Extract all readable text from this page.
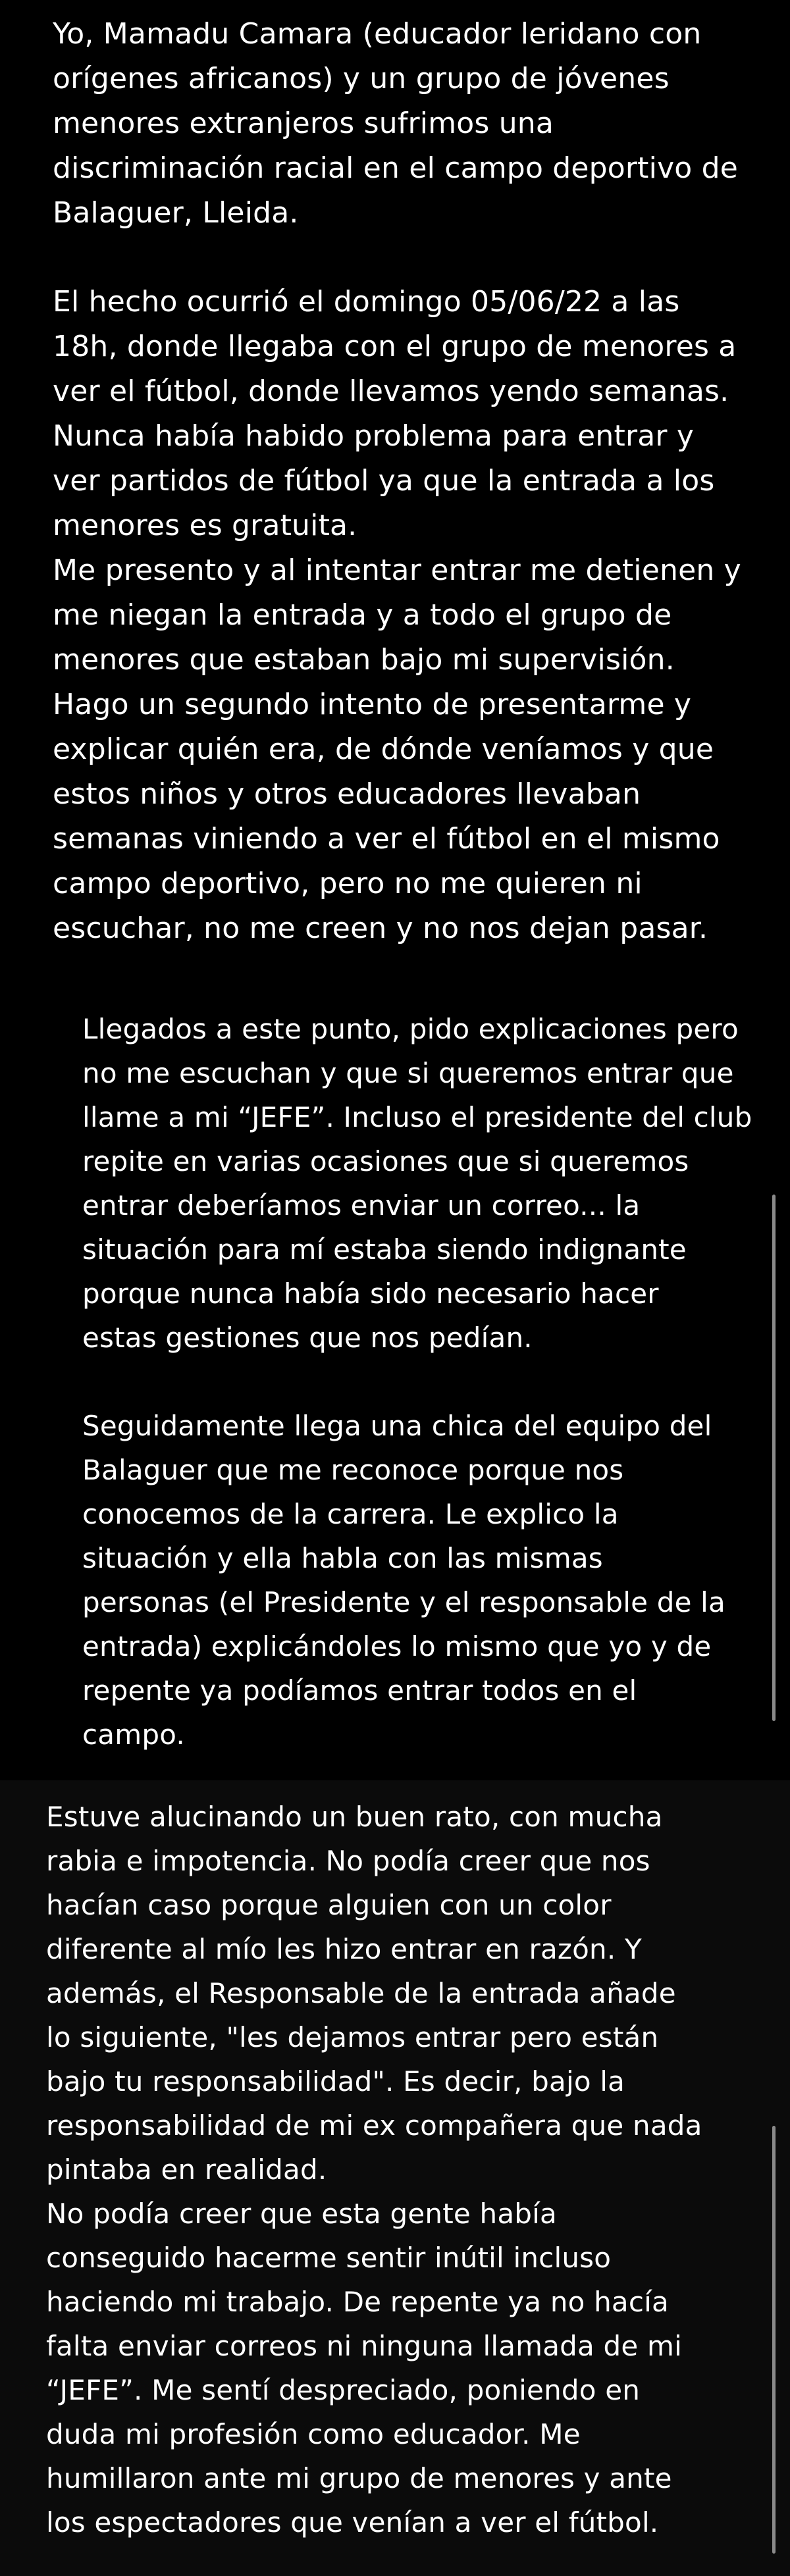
Yo, Mamadu Camara (educador leridano con
orígenes africanos) y un grupo de jóvenes
menores extranjeros sufrimos una
discriminación racial en el campo deportivo de
Balaguer, Lleida.

El hecho ocurrió el domingo 05/06/22 a las
18h, donde llegaba con el grupo de menores a
ver el fútbol, donde llevamos yendo semanas.
Nunca había habido problema para entrar y
ver partidos de fútbol ya que la entrada a los
menores es gratuita.

Me presento y al intentar entrar me detienen y
me niegan la entrada y a todo el grupo de
menores que estaban bajo mi supervisión.
Hago un segundo intento de presentarme y
explicar quién era, de dónde veníamos y que
estos niños y otros educadores llevaban
semanas viniendo a ver el fútbol en el mismo
campo deportivo, pero no me quieren ni
escuchar, no me creen y no nos dejan pasar.

Llegados a este punto, pido explicaciones pero
no me escuchan y que si queremos entrar que
llame a mi “JEFE”. Incluso el presidente del club
repite en varias ocasiones que si queremos
entrar deberíamos enviar un correo... la
situación para mí estaba siendo indignante
porque nunca había sido necesario hacer
estas gestiones que nos pedían.

Seguidamente llega una chica del equipo del
Balaguer que me reconoce porque nos
conocemos de la carrera. Le explico la
situación y ella habla con las mismas
personas (el Presidente y el responsable de la
entrada) explicándoles lo mismo que yo y de
repente ya podíamos entrar todos en el
campo.

Estuve alucinando un buen rato, con mucha
rabia e impotencia. No podía creer que nos
hacían caso porque alguien con un color
diferente al mío les hizo entrar en razón. Y
además, el Responsable de la entrada añade
lo siguiente, "les dejamos entrar pero están
bajo tu responsabilidad". Es decir, bajo la
responsabilidad de mi ex compañera que nada
pintaba en realidad.

No podía creer que esta gente había
conseguido hacerme sentir inútil incluso
haciendo mi trabajo. De repente ya no hacía
falta enviar correos ni ninguna llamada de mi
“JEFE”. Me sentí despreciado, poniendo en
duda mi profesión como educador. Me
humillaron ante mi grupo de menores y ante
los espectadores que venían a ver el fútbol.
